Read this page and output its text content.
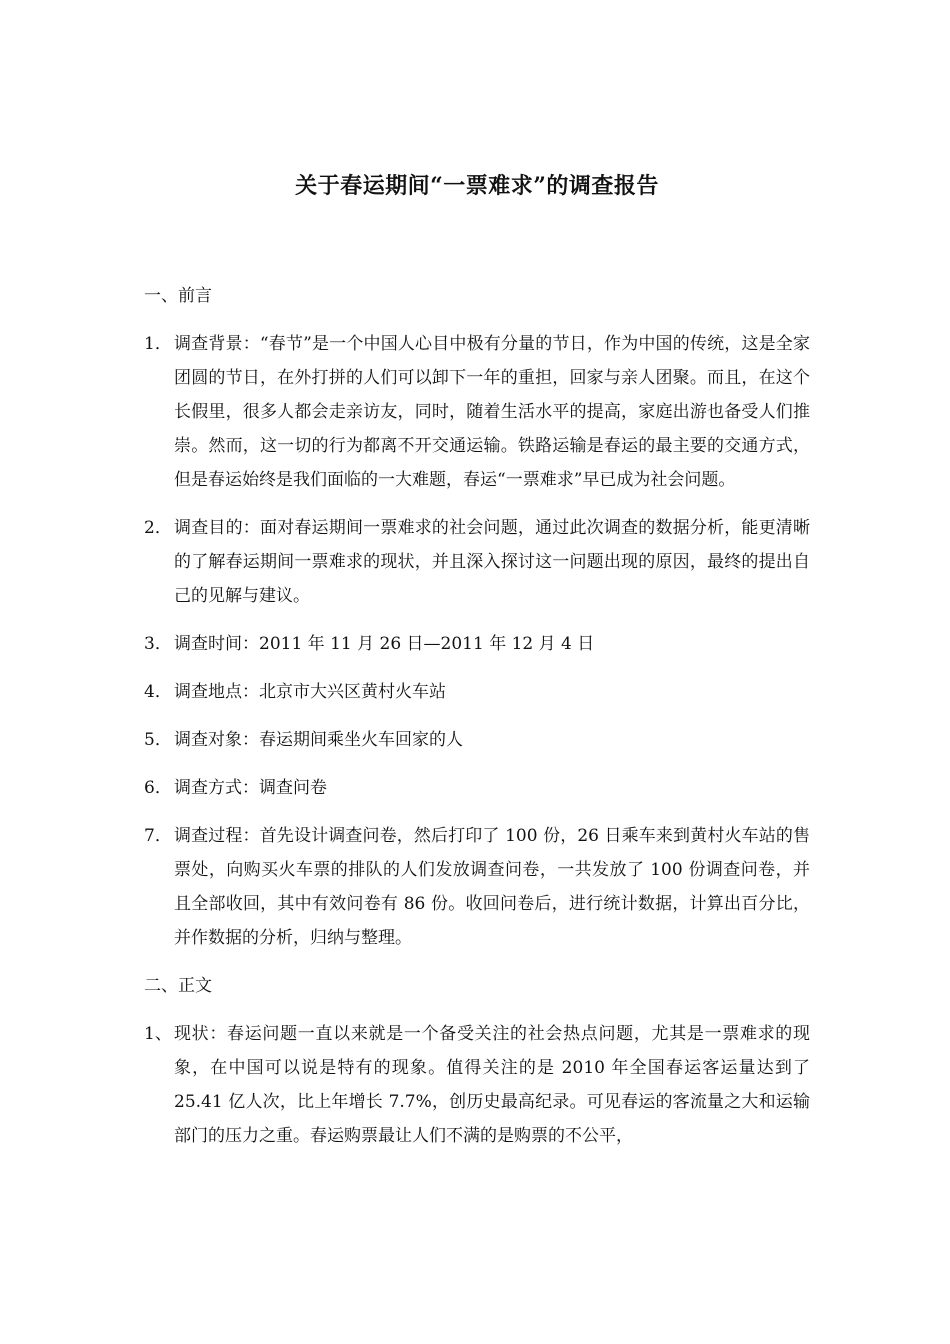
关于春运期间“一票难求”的调查报告
一、前言
1． 调查背景：“春节”是一个中国人心目中极有分量的节日，作为中国的传统，这是全家团圆的节日，在外打拼的人们可以卸下一年的重担，回家与亲人团聚。而且，在这个长假里，很多人都会走亲访友，同时，随着生活水平的提高，家庭出游也备受人们推崇。然而，这一切的行为都离不开交通运输。铁路运输是春运的最主要的交通方式，但是春运始终是我们面临的一大难题，春运“一票难求”早已成为社会问题。
2． 调查目的：面对春运期间一票难求的社会问题，通过此次调查的数据分析，能更清晰的了解春运期间一票难求的现状，并且深入探讨这一问题出现的原因，最终的提出自己的见解与建议。
3． 调查时间：2011 年 11 月 26 日—2011 年 12 月 4 日
4． 调查地点：北京市大兴区黄村火车站
5． 调查对象：春运期间乘坐火车回家的人
6． 调查方式：调查问卷
7． 调查过程：首先设计调查问卷，然后打印了 100 份，26 日乘车来到黄村火车站的售票处，向购买火车票的排队的人们发放调查问卷，一共发放了 100 份调查问卷，并且全部收回，其中有效问卷有 86 份。收回问卷后，进行统计数据，计算出百分比，并作数据的分析，归纳与整理。
二、正文
1、 现状：春运问题一直以来就是一个备受关注的社会热点问题，尤其是一票难求的现象，在中国可以说是特有的现象。值得关注的是 2010 年全国春运客运量达到了 25.41 亿人次，比上年增长 7.7%，创历史最高纪录。可见春运的客流量之大和运输部门的压力之重。春运购票最让人们不满的是购票的不公平，
